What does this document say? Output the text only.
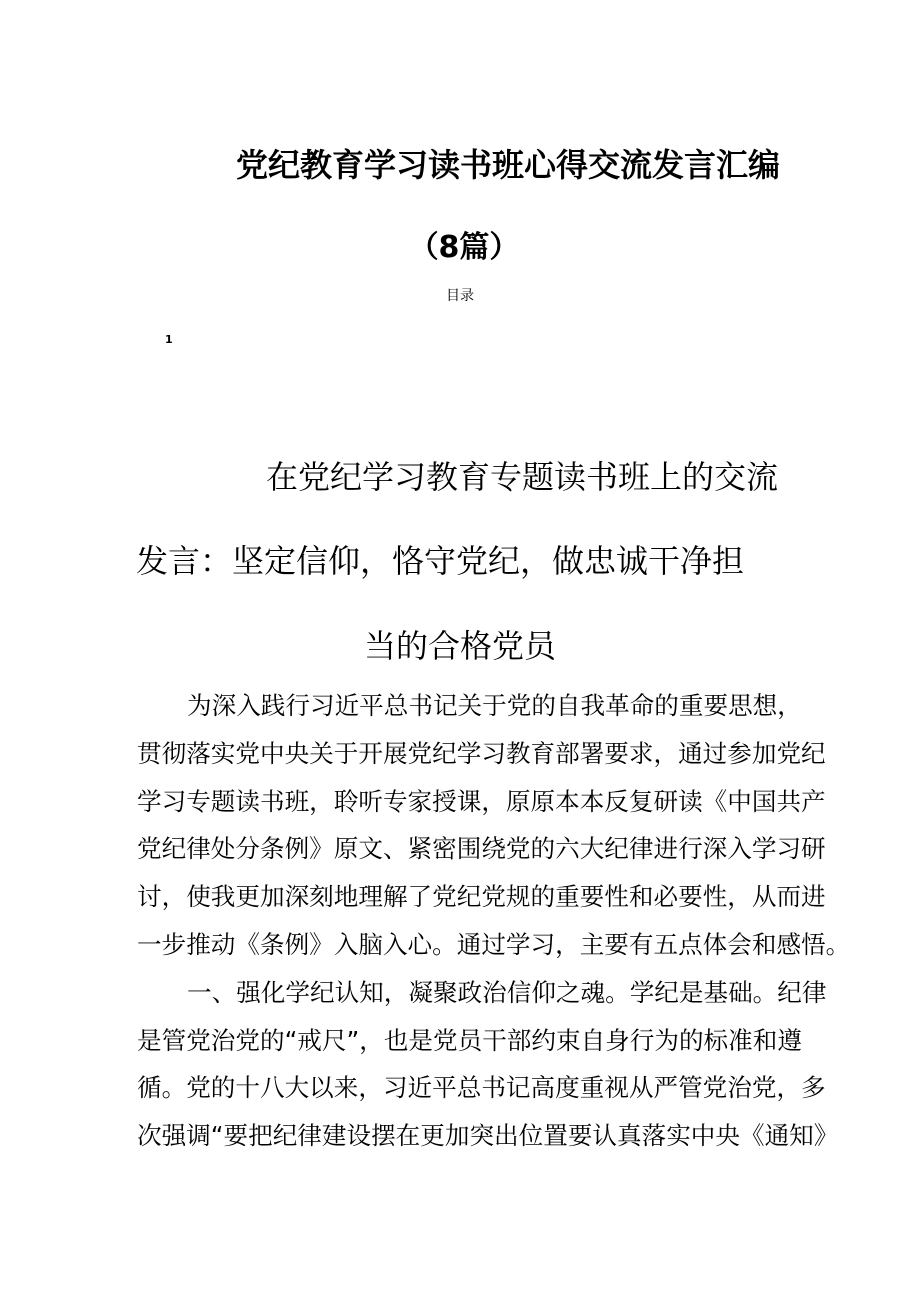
党纪教育学习读书班心得交流发言汇编
（8篇）
目录
1
在党纪学习教育专题读书班上的交流
发言：坚定信仰，恪守党纪，做忠诚干净担
当的合格党员

为深入践行习近平总书记关于党的自我革命的重要思想，

贯彻落实党中央关于开展党纪学习教育部署要求，通过参加党纪

学习专题读书班，聆听专家授课，原原本本反复研读《中国共产

党纪律处分条例》原文、紧密围绕党的六大纪律进行深入学习研

讨，使我更加深刻地理解了党纪党规的重要性和必要性，从而进

一步推动《条例》入脑入心。通过学习，主要有五点体会和感悟。

一、强化学纪认知，凝聚政治信仰之魂。学纪是基础。纪律

是管党治党的“戒尺”，也是党员干部约束自身行为的标准和遵

循。党的十八大以来，习近平总书记高度重视从严管党治党，多

次强调“要把纪律建设摆在更加突出位置要认真落实中央《通知》
